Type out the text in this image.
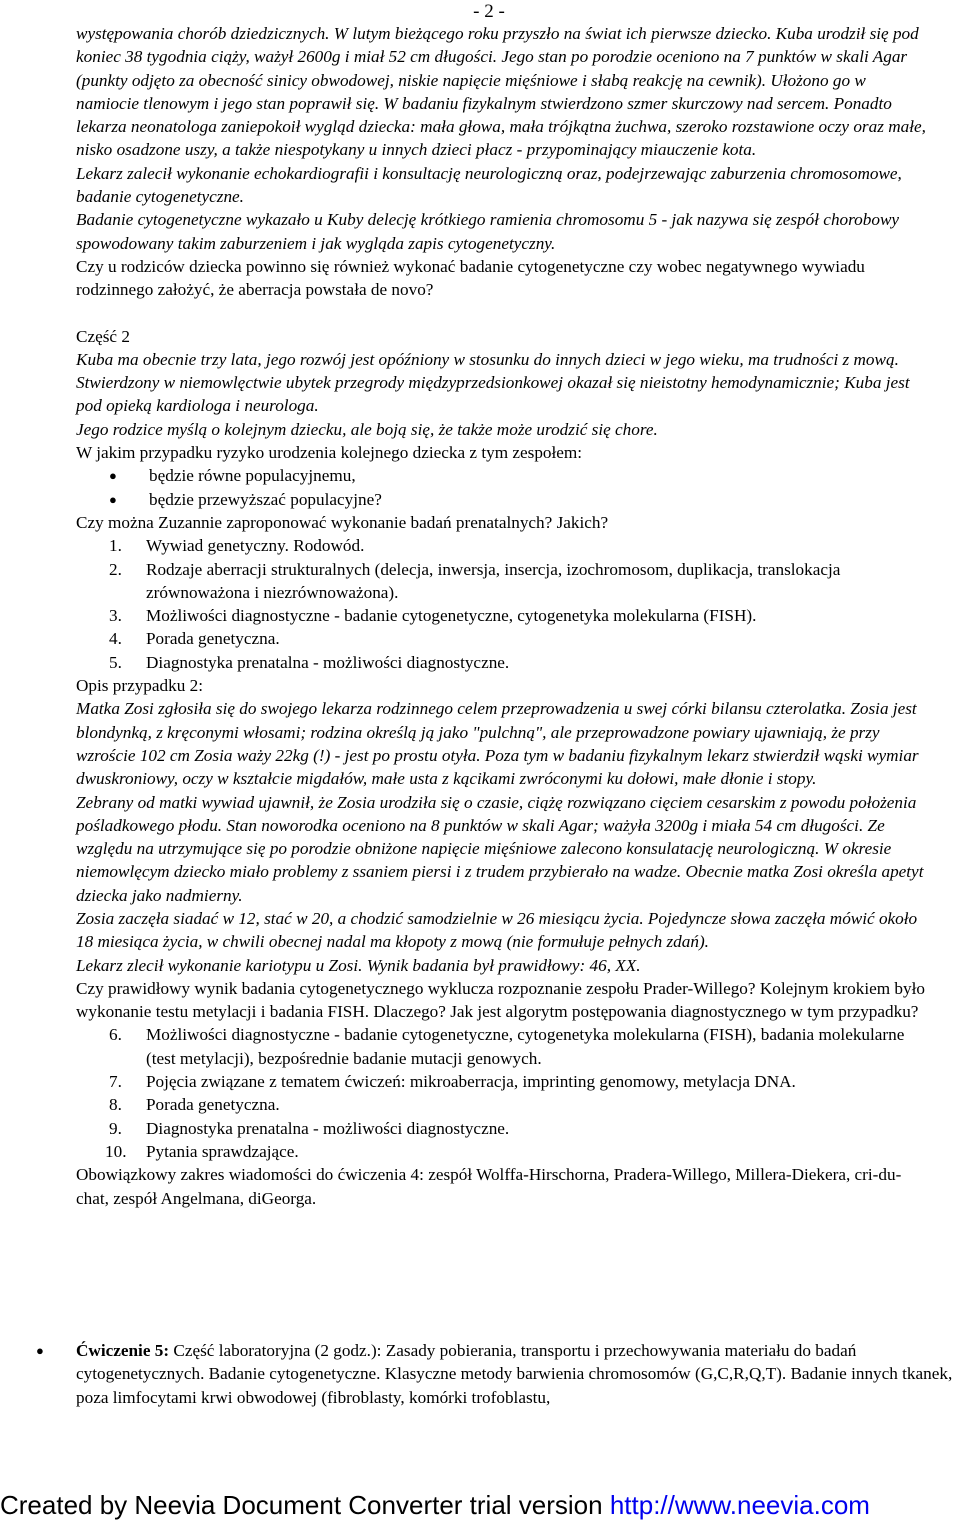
- 2 -

występowania chorób dziedzicznych. W lutym bieżącego roku przyszło na świat ich pierwsze dziecko. Kuba urodził się pod koniec 38 tygodnia ciąży, ważył 2600g i miał 52 cm długości. Jego stan po porodzie oceniono na 7 punktów w skali Agar (punkty odjęto za obecność sinicy obwodowej, niskie napięcie mięśniowe i słabą reakcję na cewnik). Ułożono go w namiocie tlenowym i jego stan poprawił się. W badaniu fizykalnym stwierdzono szmer skurczowy nad sercem. Ponadto lekarza neonatologa zaniepokoił wygląd dziecka: mała głowa, mała trójkątna żuchwa, szeroko rozstawione oczy oraz małe, nisko osadzone uszy, a także niespotykany u innych dzieci płacz - przypominający miauczenie kota.

Lekarz zalecił wykonanie echokardiografii i konsultację neurologiczną oraz, podejrzewając zaburzenia chromosomowe, badanie cytogenetyczne.

Badanie cytogenetyczne wykazało u Kuby delecję krótkiego ramienia chromosomu 5 - jak nazywa się zespół chorobowy spowodowany takim zaburzeniem i jak wygląda zapis cytogenetyczny.

Czy u rodziców dziecka powinno się również wykonać badanie cytogenetyczne czy wobec negatywnego wywiadu rodzinnego założyć, że aberracja powstała de novo?

Część 2

Kuba ma obecnie trzy lata, jego rozwój jest opóźniony w stosunku do innych dzieci w jego wieku, ma trudności z mową. Stwierdzony w niemowlęctwie ubytek przegrody międzyprzedsionkowej okazał się nieistotny hemodynamicznie; Kuba jest pod opieką kardiologa i neurologa.

Jego rodzice myślą o kolejnym dziecku, ale boją się, że także może urodzić się chore.

W jakim przypadku ryzyko urodzenia kolejnego dziecka z tym zespołem:

● będzie równe populacyjnemu,
● będzie przewyższać populacyjne?

Czy można Zuzannie zaproponować wykonanie badań prenatalnych? Jakich?

1.	Wywiad genetyczny. Rodowód.
2.	Rodzaje aberracji strukturalnych (delecja, inwersja, insercja, izochromosom, duplikacja, translokacja zrównoważona i niezrównoważona).
3.	Możliwości diagnostyczne - badanie cytogenetyczne, cytogenetyka molekularna (FISH).
4.	Porada genetyczna.
5.	Diagnostyka prenatalna - możliwości diagnostyczne.

Opis przypadku 2:

Matka Zosi zgłosiła się do swojego lekarza rodzinnego celem przeprowadzenia u swej córki bilansu czterolatka. Zosia jest blondynką, z kręconymi włosami; rodzina określą ją jako "pulchną", ale przeprowadzone powiary ujawniają, że przy wzroście 102 cm Zosia waży 22kg (!) - jest po prostu otyła. Poza tym w badaniu fizykalnym lekarz stwierdził wąski wymiar dwuskroniowy, oczy w kształcie migdałów, małe usta z kącikami zwróconymi ku dołowi, małe dłonie i stopy.

Zebrany od matki wywiad ujawnił, że Zosia urodziła się o czasie, ciążę rozwiązano cięciem cesarskim z powodu położenia pośladkowego płodu. Stan noworodka oceniono na 8 punktów w skali Agar; ważyła 3200g i miała 54 cm długości. Ze względu na utrzymujące się po porodzie obniżone napięcie mięśniowe zalecono konsulatację neurologiczną. W okresie niemowlęcym dziecko miało problemy z ssaniem piersi i z trudem przybierało na wadze. Obecnie matka Zosi określa apetyt dziecka jako nadmierny.

Zosia zaczęła siadać w 12, stać w 20, a chodzić samodzielnie w 26 miesiącu życia. Pojedyncze słowa zaczęła mówić około 18 miesiąca życia, w chwili obecnej nadal ma kłopoty z mową (nie formułuje pełnych zdań).

Lekarz zlecił wykonanie kariotypu u Zosi. Wynik badania był prawidłowy: 46, XX.

Czy prawidłowy wynik badania cytogenetycznego wyklucza rozpoznanie zespołu Prader-Willego? Kolejnym krokiem było wykonanie testu metylacji i badania FISH. Dlaczego? Jak jest algorytm postępowania diagnostycznego w tym przypadku?

6.	Możliwości diagnostyczne - badanie cytogenetyczne, cytogenetyka molekularna (FISH), badania molekularne (test metylacji), bezpośrednie badanie mutacji genowych.
7.	Pojęcia związane z tematem ćwiczeń: mikroaberracja, imprinting genomowy, metylacja DNA.
8.	Porada genetyczna.
9.	Diagnostyka prenatalna - możliwości diagnostyczne.
10.	Pytania sprawdzające.

Obowiązkowy zakres wiadomości do ćwiczenia 4: zespół Wolffa-Hirschorna, Pradera-Willego, Millera-Diekera, cri-du-chat, zespół Angelmana, diGeorga.

● Ćwiczenie 5: Część laboratoryjna (2 godz.): Zasady pobierania, transportu i przechowywania materiału do badań cytogenetycznych. Badanie cytogenetyczne. Klasyczne metody barwienia chromosomów (G,C,R,Q,T). Badanie innych tkanek, poza limfocytami krwi obwodowej (fibroblasty, komórki trofoblastu,
Created by Neevia Document Converter trial version http://www.neevia.com
